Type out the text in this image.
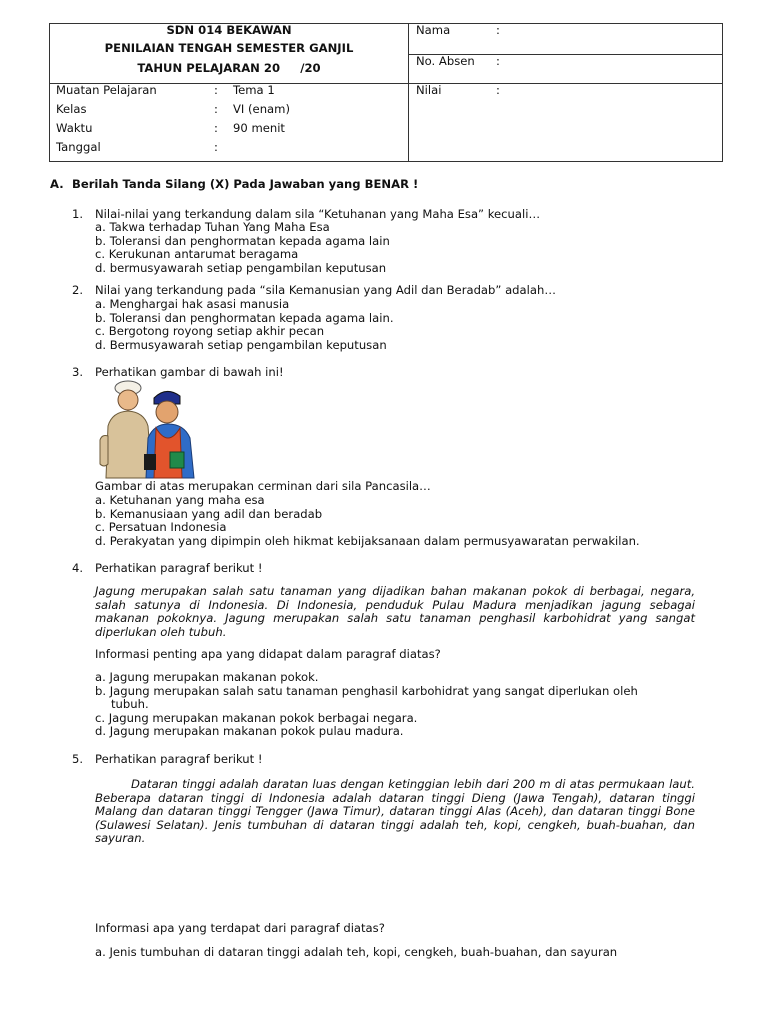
SDN 014 BEKAWAN
PENILAIAN TENGAH SEMESTER GANJIL
TAHUN PELAJARAN 20     /20
Muatan Pelajaran	: Tema 1
Kelas	: VI (enam)
Waktu	: 90 menit
Tanggal	:
Nama	:
No. Absen :
Nilai	:
A. Berilah Tanda Silang (X) Pada Jawaban yang BENAR !
1. Nilai-nilai yang terkandung dalam sila “Ketuhanan yang Maha Esa” kecuali…
a. Takwa terhadap Tuhan Yang Maha Esa
b. Toleransi dan penghormatan kepada agama lain
c. Kerukunan antarumat beragama
d. bermusyawarah setiap pengambilan keputusan
2. Nilai yang terkandung pada “sila Kemanusian yang Adil dan Beradab” adalah…
a. Menghargai hak asasi manusia
b. Toleransi dan penghormatan kepada agama lain.
c. Bergotong royong setiap akhir pecan
d. Bermusyawarah setiap pengambilan keputusan
3. Perhatikan gambar di bawah ini!
Gambar di atas merupakan cerminan dari sila Pancasila…
a. Ketuhanan yang maha esa
b. Kemanusiaan yang adil dan beradab
c. Persatuan Indonesia
d. Perakyatan yang dipimpin oleh hikmat kebijaksanaan dalam permusyawaratan perwakilan.
4. Perhatikan paragraf berikut !
Jagung merupakan salah satu tanaman yang dijadikan bahan makanan pokok di berbagai, negara, salah satunya di Indonesia. Di Indonesia, penduduk Pulau Madura menjadikan jagung sebagai makanan pokoknya. Jagung merupakan salah satu tanaman penghasil karbohidrat yang sangat diperlukan oleh tubuh.
Informasi penting apa yang didapat dalam paragraf diatas?
a. Jagung merupakan makanan pokok.
b. Jagung merupakan salah satu tanaman penghasil karbohidrat yang sangat diperlukan oleh
tubuh.
c. Jagung merupakan makanan pokok berbagai negara.
d. Jagung merupakan makanan pokok pulau madura.
5. Perhatikan paragraf berikut !
Dataran tinggi adalah daratan luas dengan ketinggian lebih dari 200 m di atas permukaan laut. Beberapa dataran tinggi di Indonesia adalah dataran tinggi Dieng (Jawa Tengah), dataran tinggi Malang dan dataran tinggi Tengger (Jawa Timur), dataran tinggi Alas (Aceh), dan dataran tinggi Bone (Sulawesi Selatan). Jenis tumbuhan di dataran tinggi adalah teh, kopi, cengkeh, buah-buahan, dan sayuran.
Informasi apa yang terdapat dari paragraf diatas?
a. Jenis tumbuhan di dataran tinggi adalah teh, kopi, cengkeh, buah-buahan, dan sayuran
